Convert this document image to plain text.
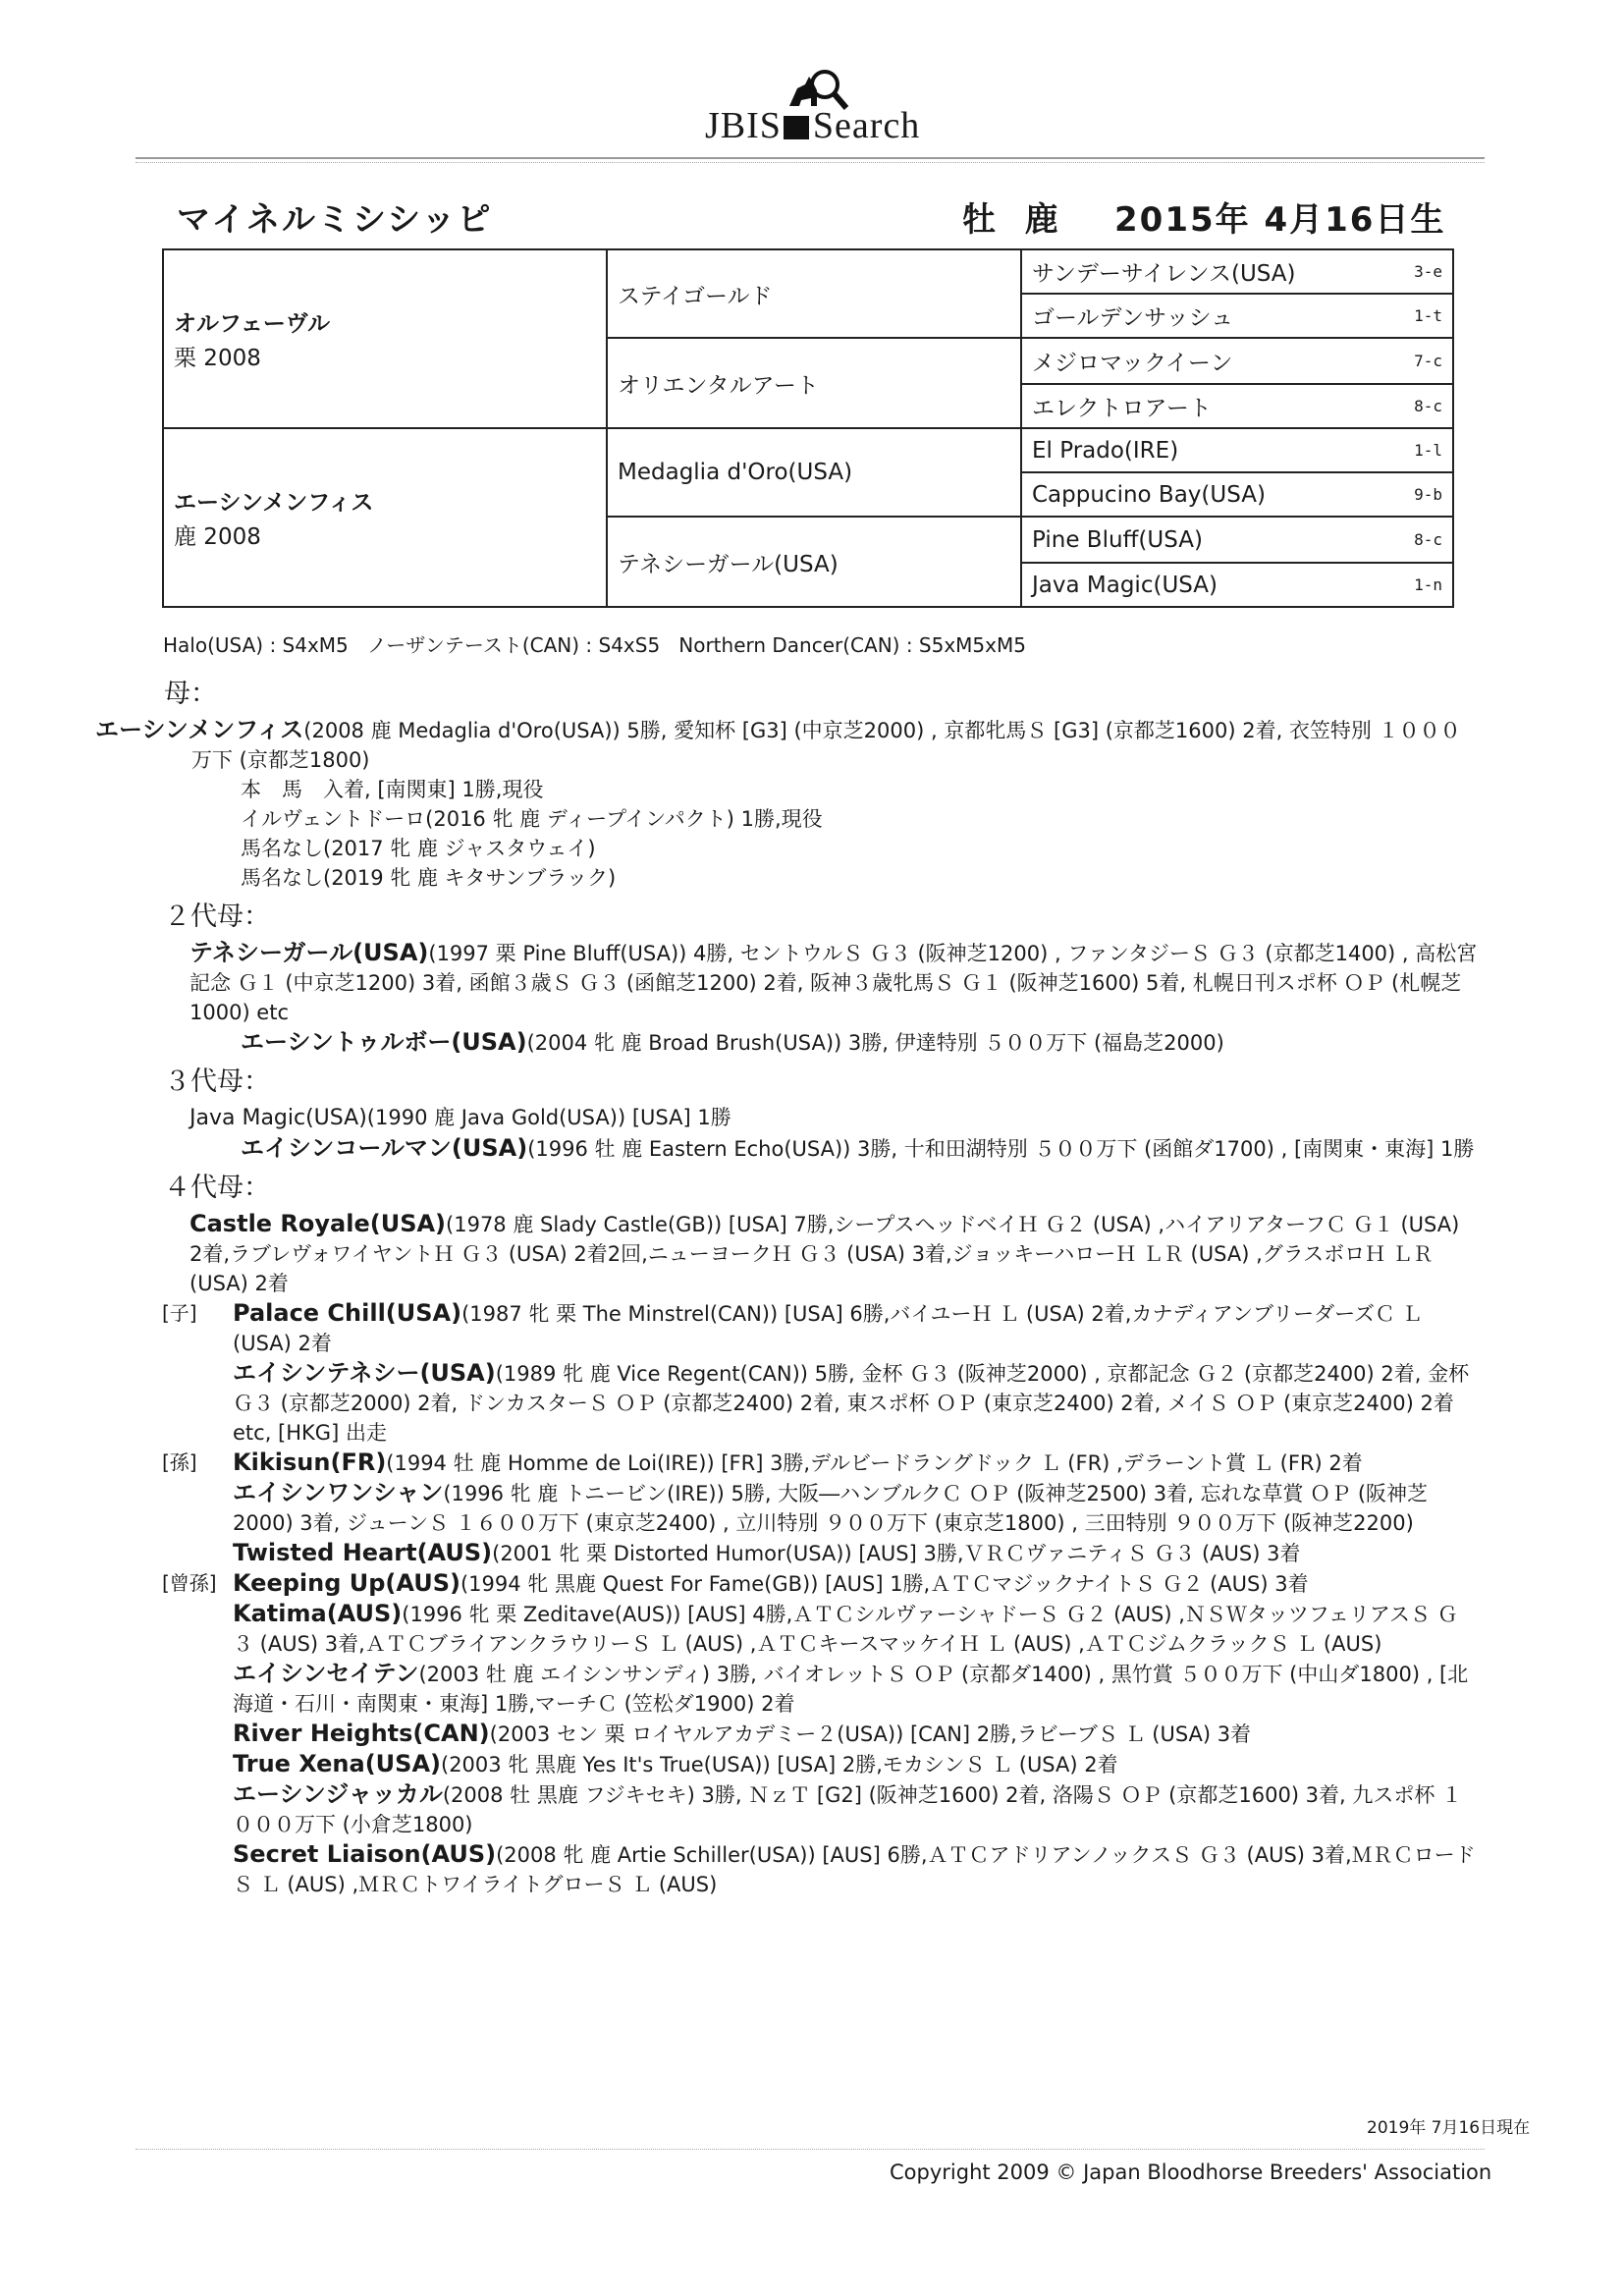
JBIS Search
マイネルミシシッピ	牡  鹿    2015年 4月16日生
オルフェーヴル
栗 2008	ステイゴールド	サンデーサイレンス(USA) 3-e

		ゴールデンサッシュ 1-t

	オリエンタルアート	メジロマックイーン 7-c

		エレクトロアート 8-c

エーシンメンフィス
鹿 2008	Medaglia d'Oro(USA)	El Prado(IRE) 1-l

		Cappucino Bay(USA) 9-b

	テネシーガール(USA)	Pine Bluff(USA) 8-c

		Java Magic(USA) 1-n
Halo(USA) : S4xM5   ノーザンテースト(CAN) : S4xS5   Northern Dancer(CAN) : S5xM5xM5
母：

エーシンメンフィス(2008 鹿 Medaglia d'Oro(USA)) 5勝, 愛知杯 [G3] (中京芝2000) , 京都牝馬Ｓ [G3] (京都芝1600) 2着, 衣笠特別 １０００万下 (京都芝1800)

本　馬　入着, [南関東] 1勝,現役

イルヴェントドーロ(2016 牝 鹿 ディープインパクト) 1勝,現役

馬名なし(2017 牝 鹿 ジャスタウェイ)

馬名なし(2019 牝 鹿 キタサンブラック)

２代母：

テネシーガール(USA)(1997 栗 Pine Bluff(USA)) 4勝, セントウルＳ Ｇ３ (阪神芝1200) , ファンタジーＳ Ｇ３ (京都芝1400) , 高松宮記念 Ｇ１ (中京芝1200) 3着, 函館３歳Ｓ Ｇ３ (函館芝1200) 2着, 阪神３歳牝馬Ｓ Ｇ１ (阪神芝1600) 5着, 札幌日刊スポ杯 ＯＰ (札幌芝1000) etc

エーシントゥルボー(USA)(2004 牝 鹿 Broad Brush(USA)) 3勝, 伊達特別 ５００万下 (福島芝2000)

３代母：

Java Magic(USA)(1990 鹿 Java Gold(USA)) [USA] 1勝

エイシンコールマン(USA)(1996 牡 鹿 Eastern Echo(USA)) 3勝, 十和田湖特別 ５００万下 (函館ダ1700) , [南関東・東海] 1勝

４代母：

Castle Royale(USA)(1978 鹿 Slady Castle(GB)) [USA] 7勝,シープスヘッドベイＨ Ｇ２ (USA) ,ハイアリアターフＣ Ｇ１ (USA) 2着,ラブレヴォワイヤントＨ Ｇ３ (USA) 2着2回,ニューヨークＨ Ｇ３ (USA) 3着,ジョッキーハローＨ ＬＲ (USA) ,グラスボロＨ ＬＲ (USA) 2着

[子]	Palace Chill(USA)(1987 牝 栗 The Minstrel(CAN)) [USA] 6勝,バイユーＨ Ｌ (USA) 2着,カナディアンブリーダーズＣ Ｌ (USA) 2着
エイシンテネシー(USA)(1989 牝 鹿 Vice Regent(CAN)) 5勝, 金杯 Ｇ３ (阪神芝2000) , 京都記念 Ｇ２ (京都芝2400) 2着, 金杯 Ｇ３ (京都芝2000) 2着, ドンカスターＳ ＯＰ (京都芝2400) 2着, 東スポ杯 ＯＰ (東京芝2400) 2着, メイＳ ＯＰ (東京芝2400) 2着etc, [HKG] 出走
[孫]	Kikisun(FR)(1994 牡 鹿 Homme de Loi(IRE)) [FR] 3勝,デルビードラングドック Ｌ (FR) ,デラーント賞 Ｌ (FR) 2着
エイシンワンシャン(1996 牝 鹿 トニービン(IRE)) 5勝, 大阪―ハンブルクＣ ＯＰ (阪神芝2500) 3着, 忘れな草賞 ＯＰ (阪神芝2000) 3着, ジューンＳ １６００万下 (東京芝2400) , 立川特別 ９００万下 (東京芝1800) , 三田特別 ９００万下 (阪神芝2200)
Twisted Heart(AUS)(2001 牝 栗 Distorted Humor(USA)) [AUS] 3勝,ＶＲＣヴァニティＳ Ｇ３ (AUS) 3着
[曾孫] Keeping Up(AUS)(1994 牝 黒鹿 Quest For Fame(GB)) [AUS] 1勝,ＡＴＣマジックナイトＳ Ｇ２ (AUS) 3着
Katima(AUS)(1996 牝 栗 Zeditave(AUS)) [AUS] 4勝,ＡＴＣシルヴァーシャドーＳ Ｇ２ (AUS) ,ＮＳＷタッツフェリアスＳ Ｇ３ (AUS) 3着,ＡＴＣブライアンクラウリーＳ Ｌ (AUS) ,ＡＴＣキースマッケイＨ Ｌ (AUS) ,ＡＴＣジムクラックＳ Ｌ (AUS)
エイシンセイテン(2003 牡 鹿 エイシンサンディ) 3勝, バイオレットＳ ＯＰ (京都ダ1400) , 黒竹賞 ５００万下 (中山ダ1800) , [北海道・石川・南関東・東海] 1勝,マーチＣ (笠松ダ1900) 2着
River Heights(CAN)(2003 セン 栗 ロイヤルアカデミー２(USA)) [CAN] 2勝,ラビーブＳ Ｌ (USA) 3着
True Xena(USA)(2003 牝 黒鹿 Yes It's True(USA)) [USA] 2勝,モカシンＳ Ｌ (USA) 2着
エーシンジャッカル(2008 牡 黒鹿 フジキセキ) 3勝, ＮｚＴ [G2] (阪神芝1600) 2着, 洛陽Ｓ ＯＰ (京都芝1600) 3着, 九スポ杯 １０００万下 (小倉芝1800)
Secret Liaison(AUS)(2008 牝 鹿 Artie Schiller(USA)) [AUS] 6勝,ＡＴＣアドリアンノックスＳ Ｇ３ (AUS) 3着,ＭＲＣロードＳ Ｌ (AUS) ,ＭＲＣトワイライトグローＳ Ｌ (AUS)
2019年 7月16日現在
Copyright 2009 © Japan Bloodhorse Breeders' Association
